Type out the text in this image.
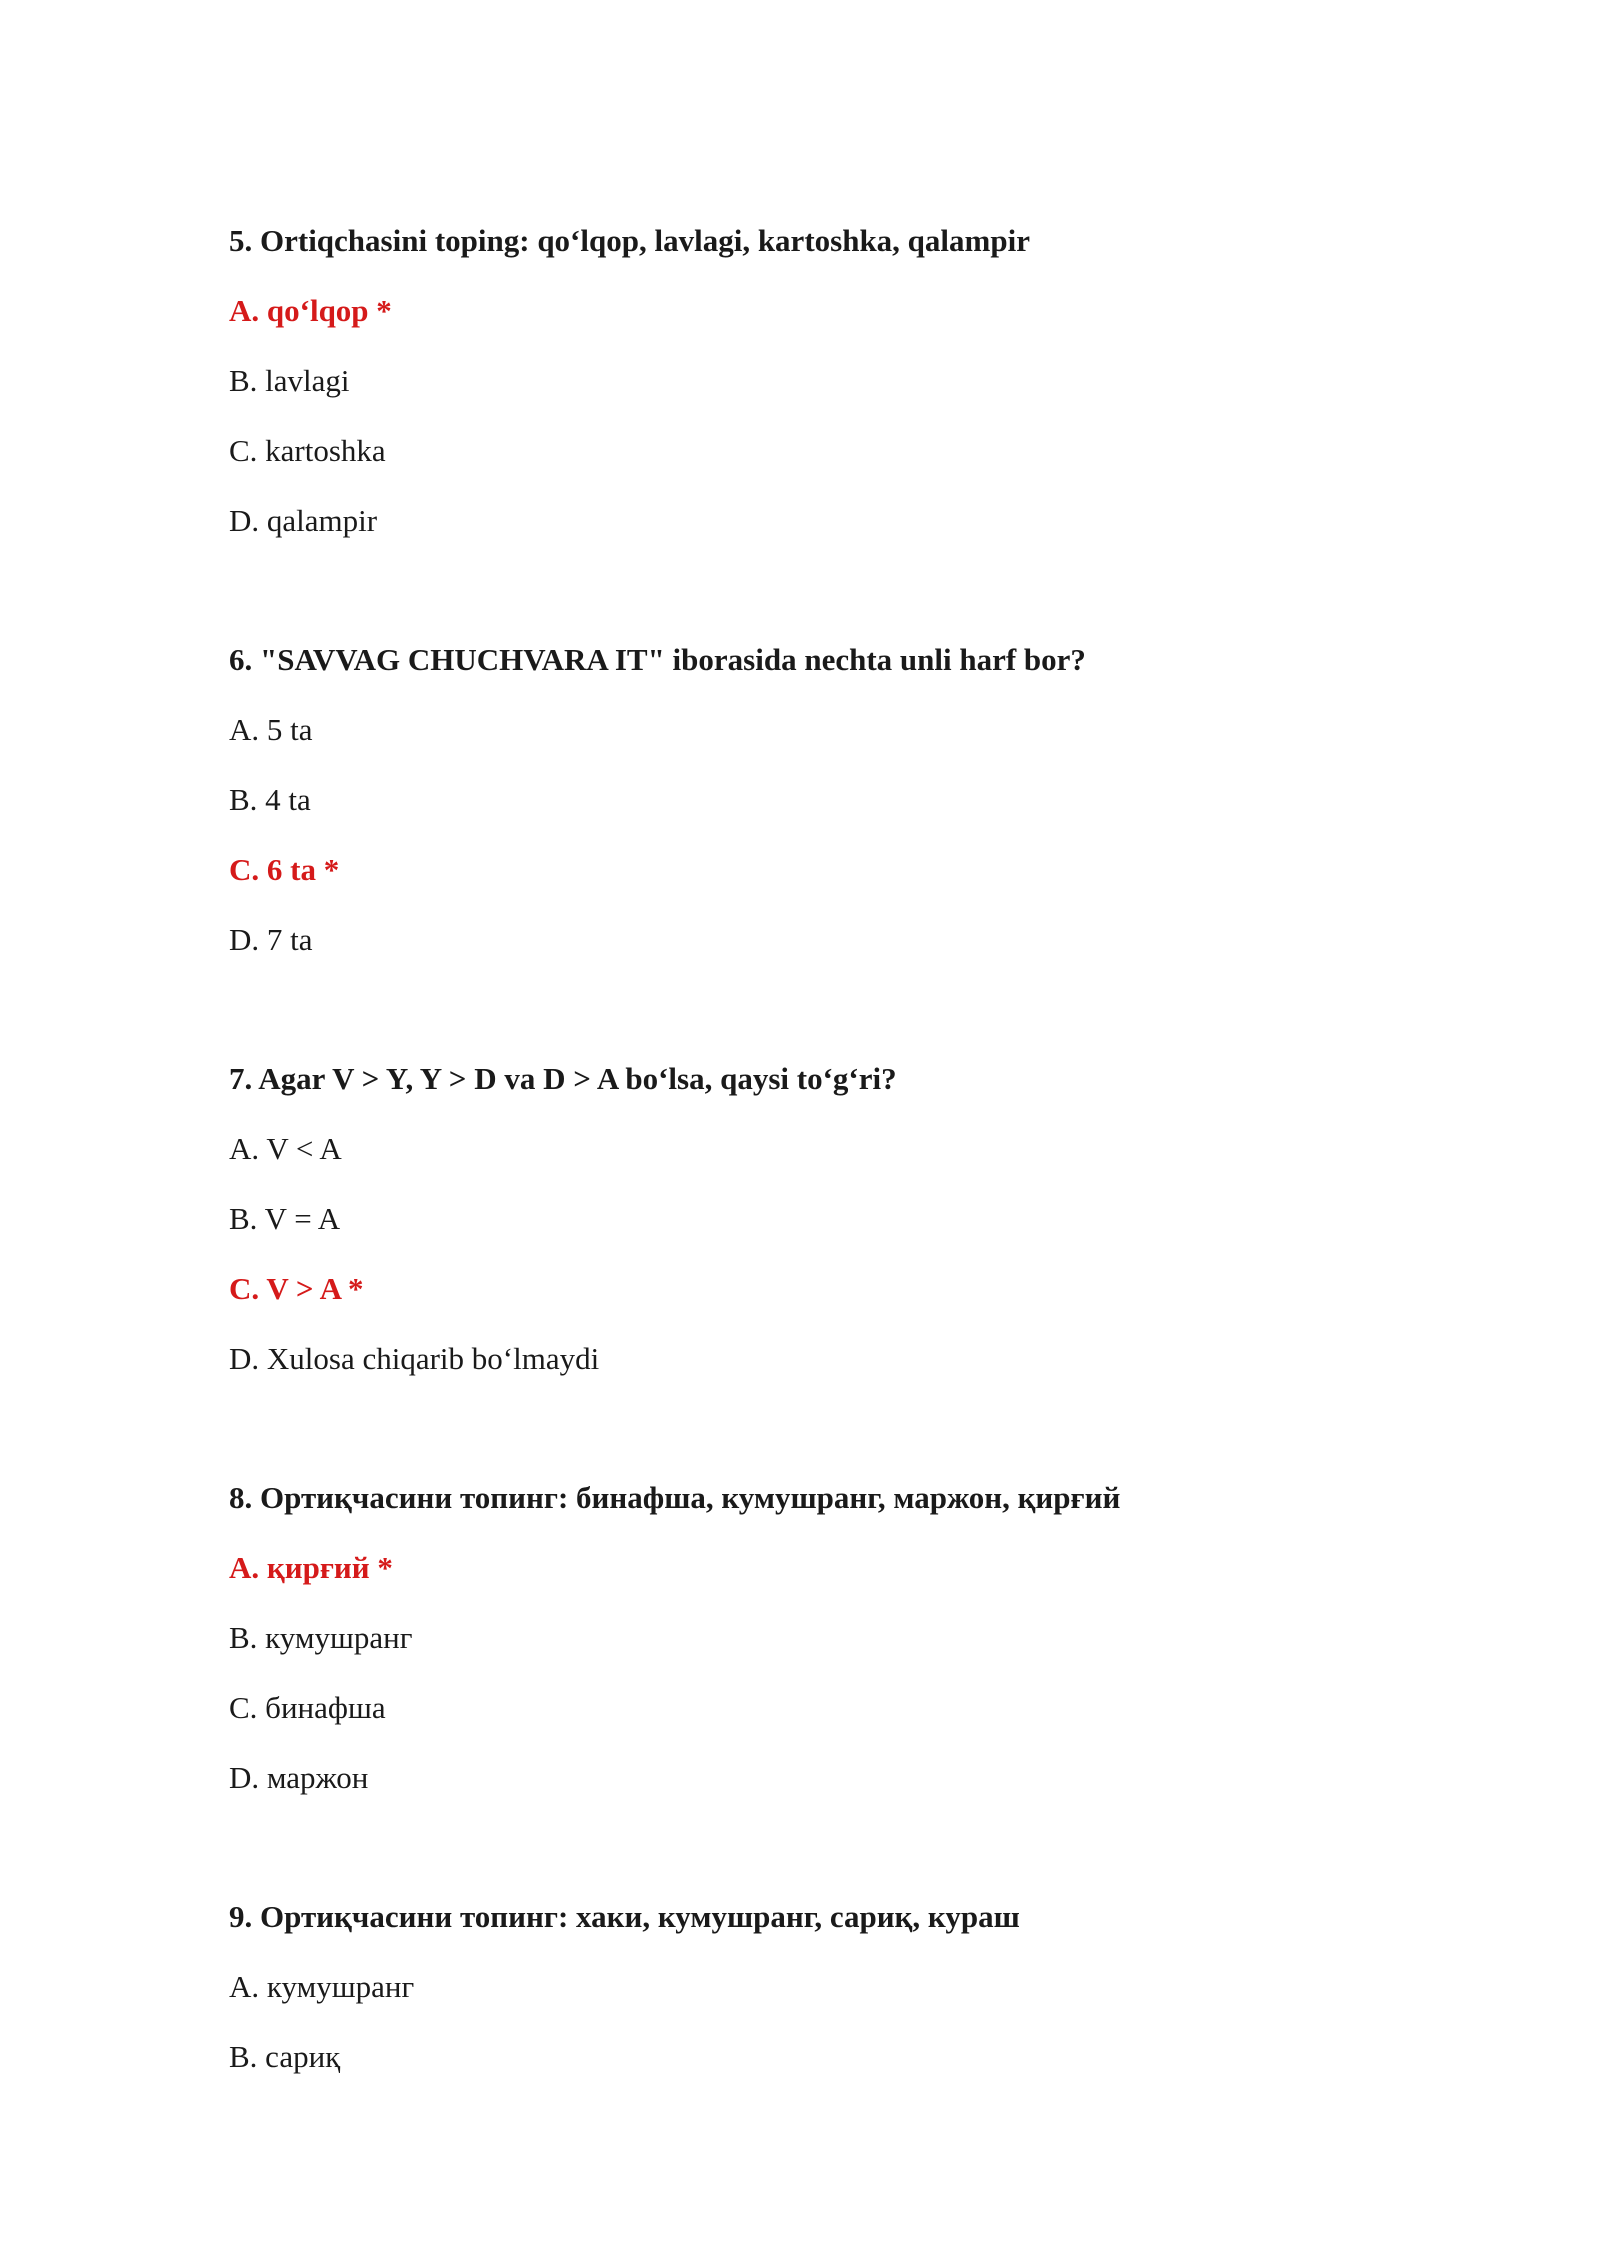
5. Ortiqchasini toping: qo‘lqop, lavlagi, kartoshka, qalampir

A. qo‘lqop *
B. lavlagi
C. kartoshka
D. qalampir

6. "SAVVAG CHUCHVARA IT" iborasida nechta unli harf bor?

A. 5 ta
B. 4 ta
C. 6 ta *
D. 7 ta

7. Agar V > Y, Y > D va D > A bo‘lsa, qaysi to‘g‘ri?

A. V < A
B. V = A
C. V > A *
D. Xulosa chiqarib bo‘lmaydi

8. Ортиқчасини топинг: бинафша, кумушранг, маржон, қирғий

A. қирғий *
B. кумушранг
C. бинафша
D. маржон

9. Ортиқчасини топинг: хаки, кумушранг, сариқ, кураш

A. кумушранг
B. сариқ
